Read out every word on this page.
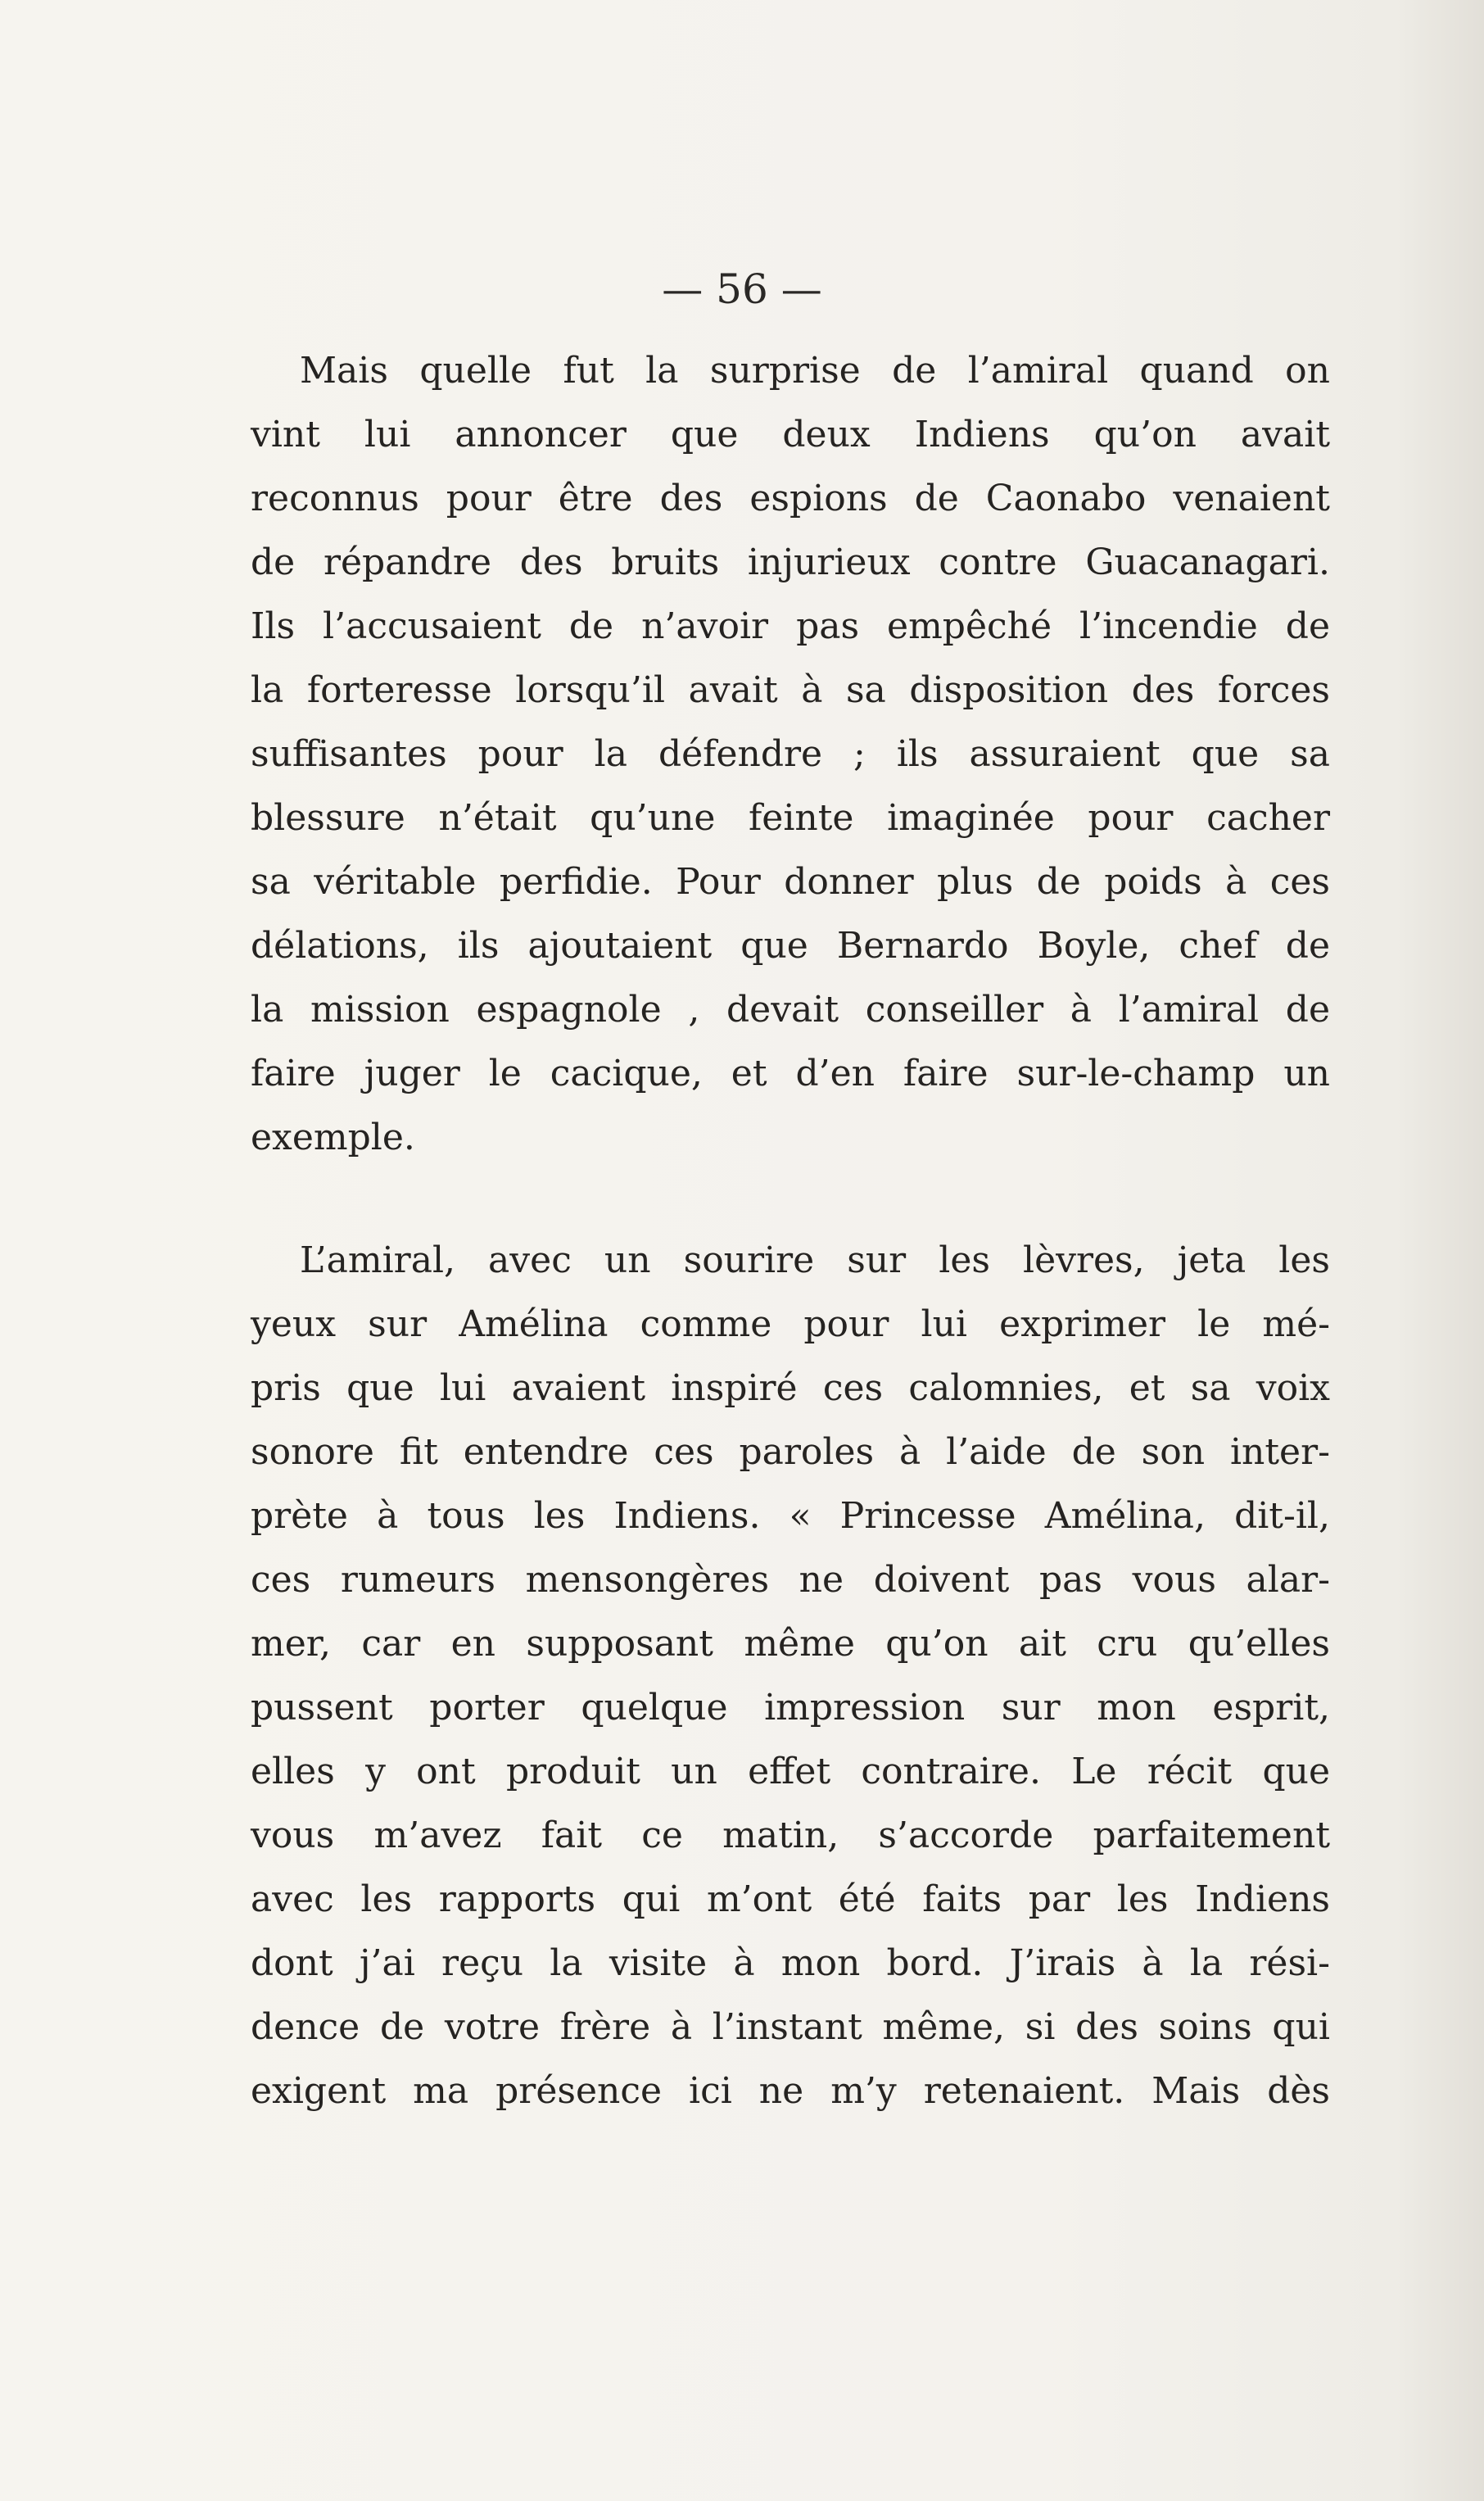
— 56 —
Mais quelle fut la surprise de l’amiral quand on
vint lui annoncer que deux Indiens qu’on avait
reconnus pour être des espions de Caonabo venaient
de répandre des bruits injurieux contre Guacanagari.
Ils l’accusaient de n’avoir pas empêché l’incendie de
la forteresse lorsqu’il avait à sa disposition des forces
suffisantes pour la défendre ; ils assuraient que sa
blessure n’était qu’une feinte imaginée pour cacher
sa véritable perfidie. Pour donner plus de poids à ces
délations, ils ajoutaient que Bernardo Boyle, chef de
la mission espagnole , devait conseiller à l’amiral de
faire juger le cacique, et d’en faire sur-le-champ un
exemple.
L’amiral, avec un sourire sur les lèvres, jeta les
yeux sur Amélina comme pour lui exprimer le mé-
pris que lui avaient inspiré ces calomnies, et sa voix
sonore fit entendre ces paroles à l’aide de son inter-
prète à tous les Indiens. « Princesse Amélina, dit-il,
ces rumeurs mensongères ne doivent pas vous alar-
mer, car en supposant même qu’on ait cru qu’elles
pussent porter quelque impression sur mon esprit,
elles y ont produit un effet contraire. Le récit que
vous m’avez fait ce matin, s’accorde parfaitement
avec les rapports qui m’ont été faits par les Indiens
dont j’ai reçu la visite à mon bord. J’irais à la rési-
dence de votre frère à l’instant même, si des soins qui
exigent ma présence ici ne m’y retenaient. Mais dès
